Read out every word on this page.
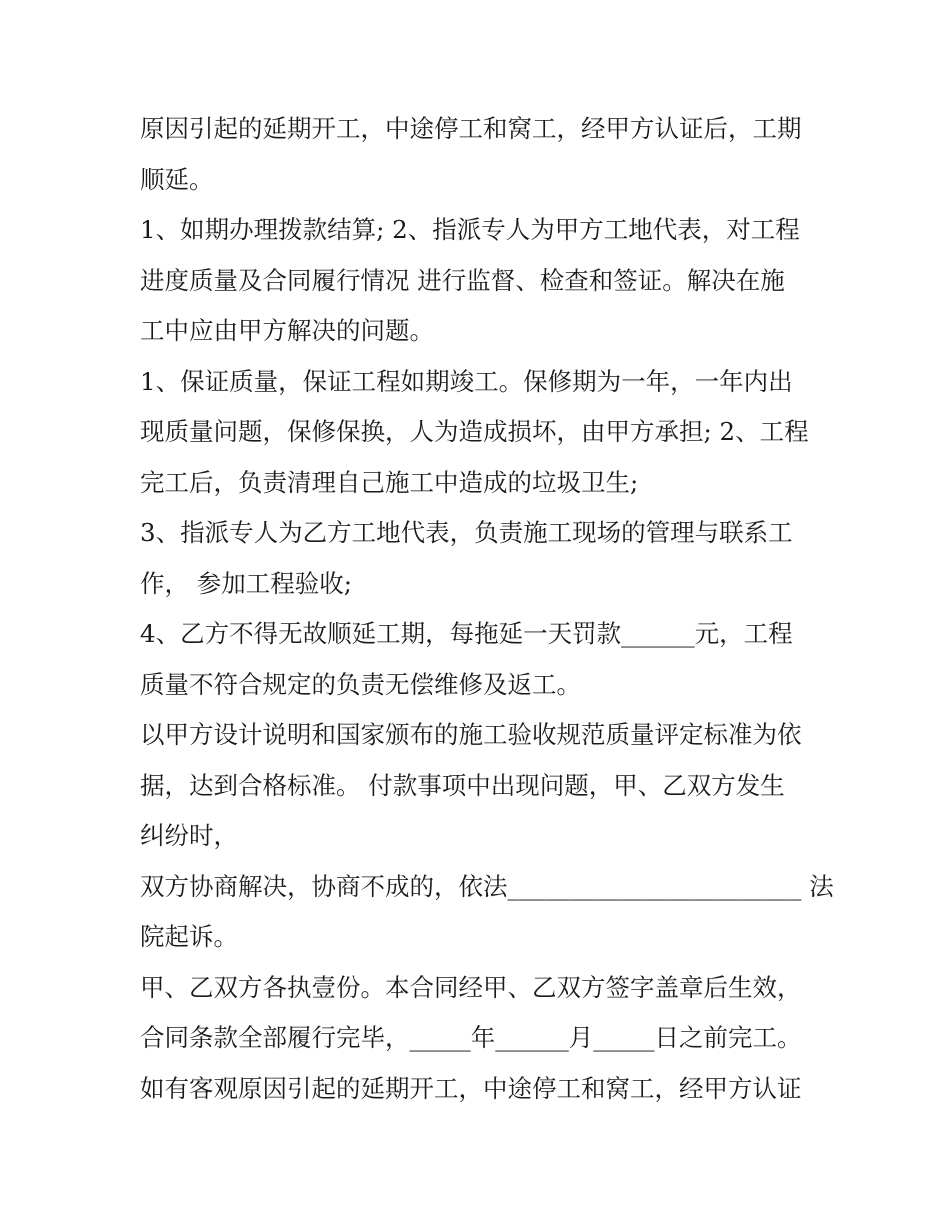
原因引起的延期开工，中途停工和窝工，经甲方认证后，工期
顺延。
1、如期办理拨款结算; 2、指派专人为甲方工地代表，对工程
进度质量及合同履行情况 进行监督、检查和签证。解决在施
工中应由甲方解决的问题。
1、保证质量，保证工程如期竣工。保修期为一年，一年内出
现质量问题，保修保换，人为造成损坏，由甲方承担; 2、工程
完工后，负责清理自己施工中造成的垃圾卫生;
3、指派专人为乙方工地代表，负责施工现场的管理与联系工
作， 参加工程验收;
4、乙方不得无故顺延工期，每拖延一天罚款______元，工程
质量不符合规定的负责无偿维修及返工。
以甲方设计说明和国家颁布的施工验收规范质量评定标准为依
据，达到合格标准。 付款事项中出现问题，甲、乙双方发生
纠纷时，
双方协商解决，协商不成的，依法________________________ 法
院起诉。
甲、乙双方各执壹份。本合同经甲、乙双方签字盖章后生效，
合同条款全部履行完毕，_____年______月_____日之前完工。
如有客观原因引起的延期开工，中途停工和窝工，经甲方认证
